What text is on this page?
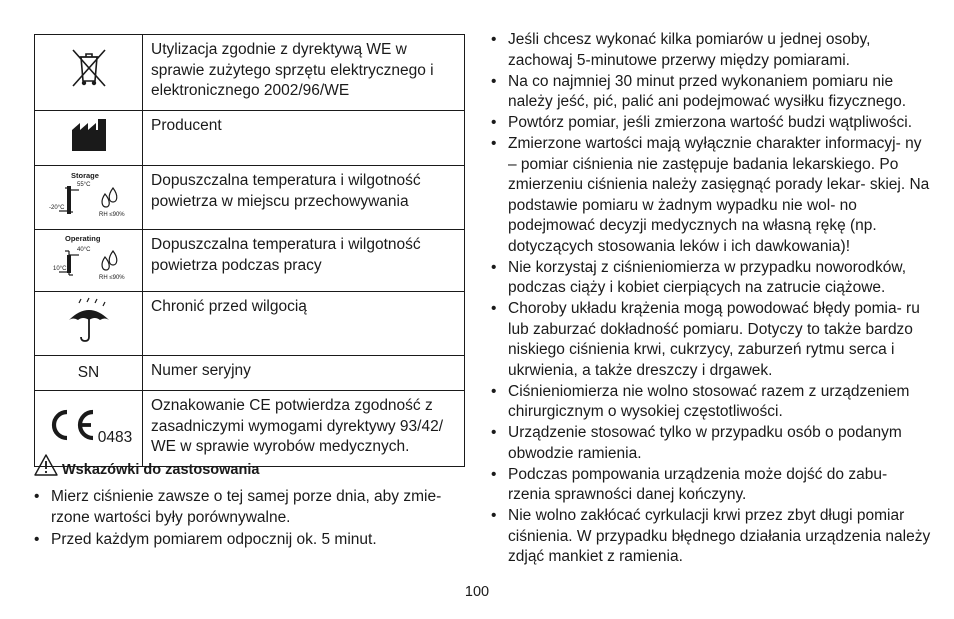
	Utylizacja zgodnie z dyrektywą WE w sprawie zużytego sprzętu elektrycznego i elektronicznego 2002/96/WE
	Producent

Storage
55°C
-20°C
RH ≤90%	Dopuszczalna temperatura i wilgotność powietrza w miejscu przechowywania

Operating
40°C
10°C
RH ≤90%	Dopuszczalna temperatura i wilgotność powietrza podczas pracy
	Chronić przed wilgocią
SN	Numer seryjny

0483	Oznakowanie CE potwierdza zgodność z zasadniczymi wymogami dyrektywy 93/42/ WE w sprawie wyrobów medycznych.
Wskazówki do zastosowania
• Mierz ciśnienie zawsze o tej samej porze dnia, aby zmie- rzone wartości były porównywalne.
• Przed każdym pomiarem odpocznij ok. 5 minut.
• Jeśli chcesz wykonać kilka pomiarów u jednej osoby, zachowaj 5-minutowe przerwy między pomiarami.
• Na co najmniej 30 minut przed wykonaniem pomiaru nie należy jeść, pić, palić ani podejmować wysiłku fizycznego.
• Powtórz pomiar, jeśli zmierzona wartość budzi wątpliwości.
• Zmierzone wartości mają wyłącznie charakter informacyj- ny – pomiar ciśnienia nie zastępuje badania lekarskiego. Po zmierzeniu ciśnienia należy zasięgnąć porady lekar- skiej. Na podstawie pomiaru w żadnym wypadku nie wol- no podejmować decyzji medycznych na własną rękę (np. dotyczących stosowania leków i ich dawkowania)!
• Nie korzystaj z ciśnieniomierza w przypadku noworodków, podczas ciąży i kobiet cierpiących na zatrucie ciążowe.
• Choroby układu krążenia mogą powodować błędy pomia- ru lub zaburzać dokładność pomiaru. Dotyczy to także bardzo niskiego ciśnienia krwi, cukrzycy, zaburzeń rytmu serca i ukrwienia, a także dreszczy i drgawek.
• Ciśnieniomierza nie wolno stosować razem z urządzeniem chirurgicznym o wysokiej częstotliwości.
• Urządzenie stosować tylko w przypadku osób o podanym obwodzie ramienia.
• Podczas pompowania urządzenia może dojść do zabu- rzenia sprawności danej kończyny.
• Nie wolno zakłócać cyrkulacji krwi przez zbyt długi pomiar ciśnienia. W przypadku błędnego działania urządzenia należy zdjąć mankiet z ramienia.
100
